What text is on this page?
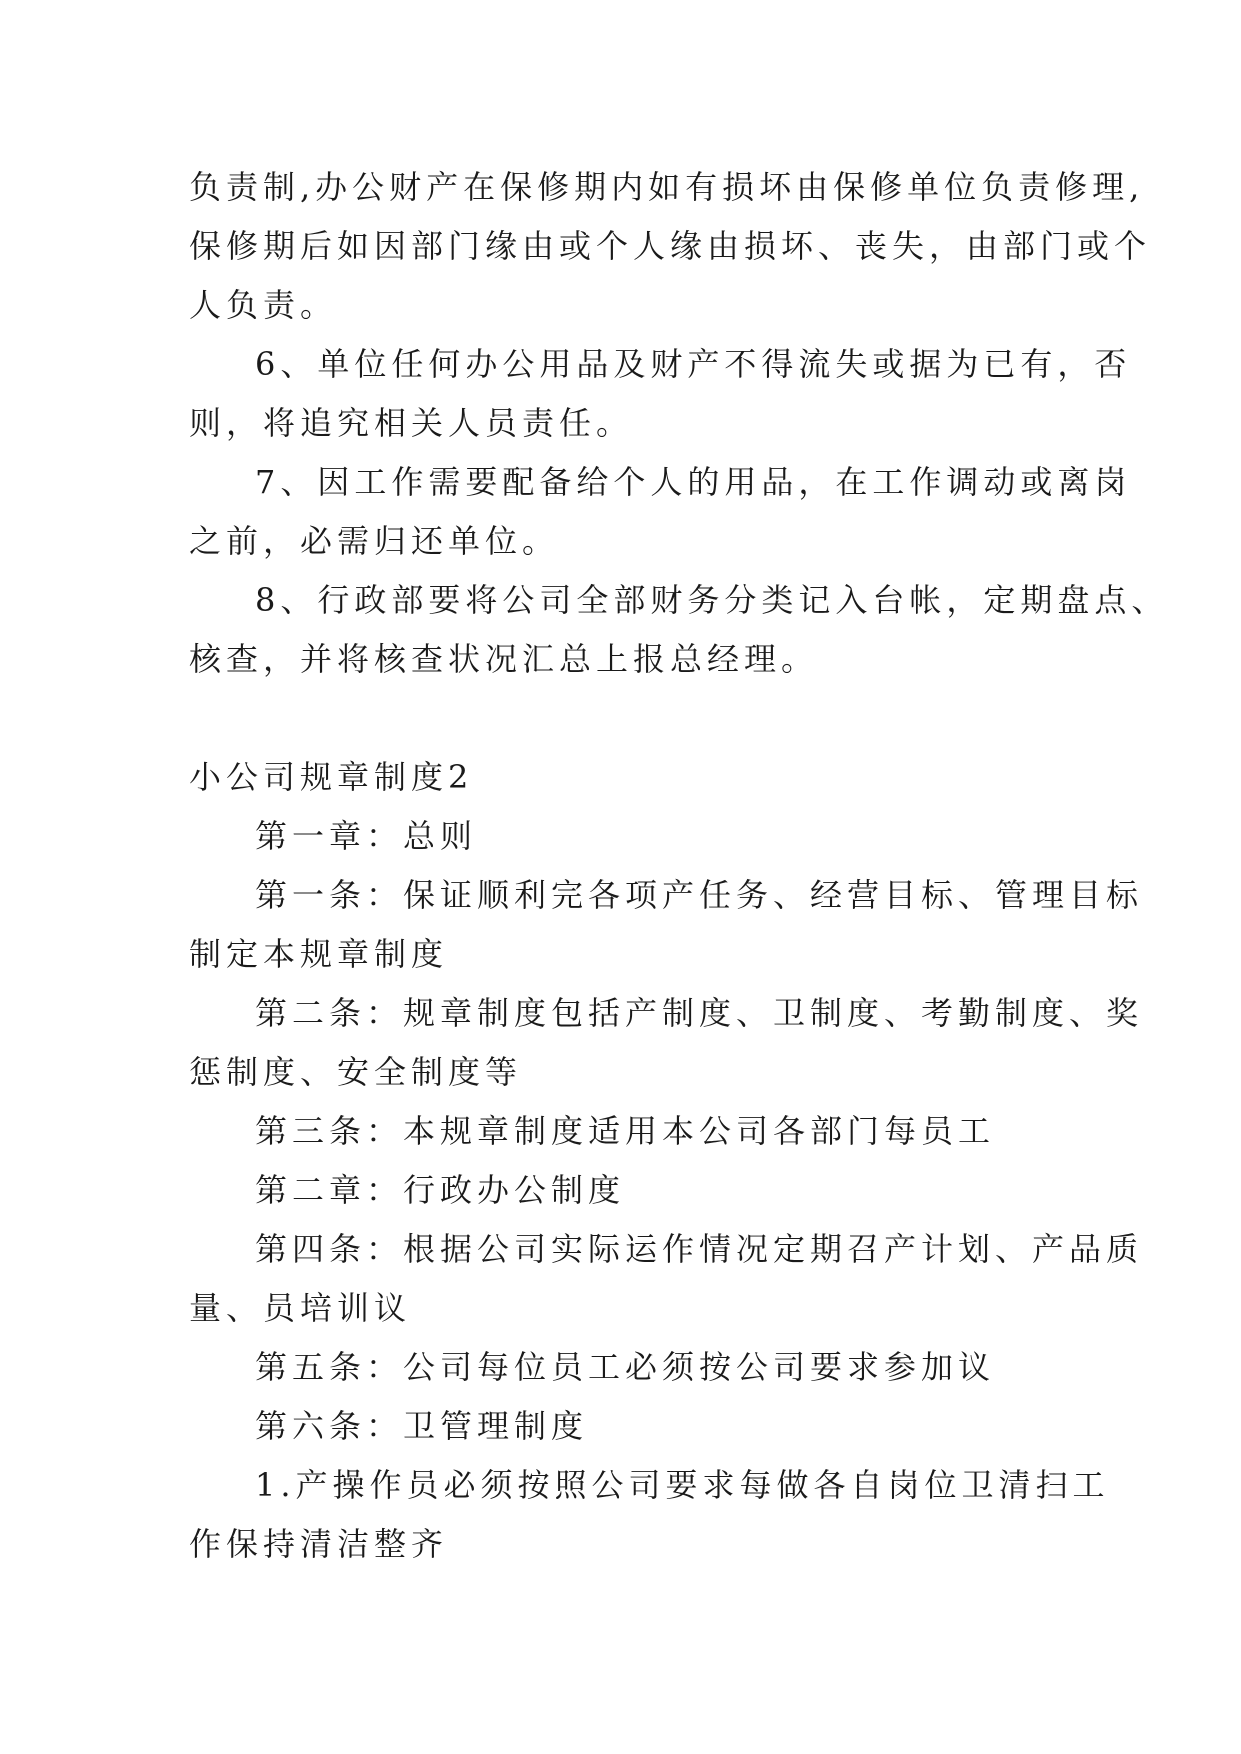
负责制,办公财产在保修期内如有损坏由保修单位负责修理,

保修期后如因部门缘由或个人缘由损坏、丧失，由部门或个

人负责。

6、单位任何办公用品及财产不得流失或据为已有，否

则，将追究相关人员责任。

7、因工作需要配备给个人的用品，在工作调动或离岗

之前，必需归还单位。

8、行政部要将公司全部财务分类记入台帐，定期盘点、

核查，并将核查状况汇总上报总经理。

小公司规章制度2

第一章：总则

第一条：保证顺利完各项产任务、经营目标、管理目标

制定本规章制度

第二条：规章制度包括产制度、卫制度、考勤制度、奖

惩制度、安全制度等

第三条：本规章制度适用本公司各部门每员工

第二章：行政办公制度

第四条：根据公司实际运作情况定期召产计划、产品质

量、员培训议

第五条：公司每位员工必须按公司要求参加议

第六条：卫管理制度

1.产操作员必须按照公司要求每做各自岗位卫清扫工

作保持清洁整齐
